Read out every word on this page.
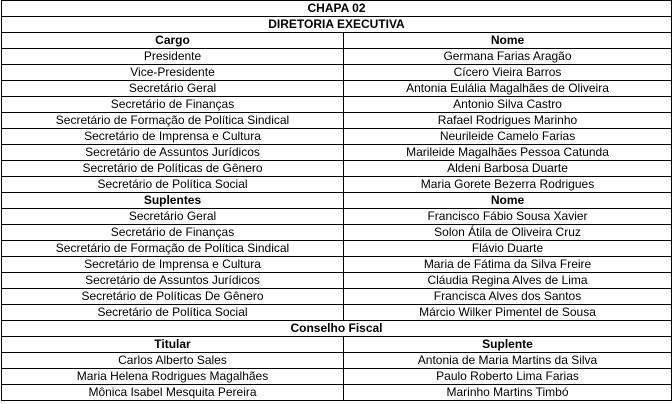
CHAPA 02	
DIRETORIA EXECUTIVA	
Cargo	Nome
Presidente	Germana Farias Aragão
Vice-Presidente	Cícero Vieira Barros
Secretário Geral	Antonia Eulália Magalhães de Oliveira
Secretário de Finanças	Antonio Silva Castro
Secretário de Formação de Política Sindical	Rafael Rodrigues Marinho
Secretário de Imprensa e Cultura	Neurileide Camelo Farias
Secretário de Assuntos Jurídicos	Marileide Magalhães Pessoa Catunda
Secretário de Políticas de Gênero	Aldeni Barbosa Duarte
Secretário de Política Social	Maria Gorete Bezerra Rodrigues
Suplentes	Nome
Secretário Geral	Francisco Fábio Sousa Xavier
Secretário de Finanças	Solon Átila de Oliveira Cruz
Secretário de Formação de Política Sindical	Flávio Duarte
Secretário de Imprensa e Cultura	Maria de Fátima da Silva Freire
Secretário de Assuntos Jurídicos	Cláudia Regina Alves de Lima
Secretário de Políticas De Gênero	Francisca Alves dos Santos
Secretário de Política Social	Márcio Wilker Pimentel de Sousa
Conselho Fiscal	
Titular	Suplente
Carlos Alberto Sales	Antonia de Maria Martins da Silva
Maria Helena Rodrigues Magalhães	Paulo Roberto Lima Farias
Mônica Isabel Mesquita Pereira	Marinho Martins Timbó
